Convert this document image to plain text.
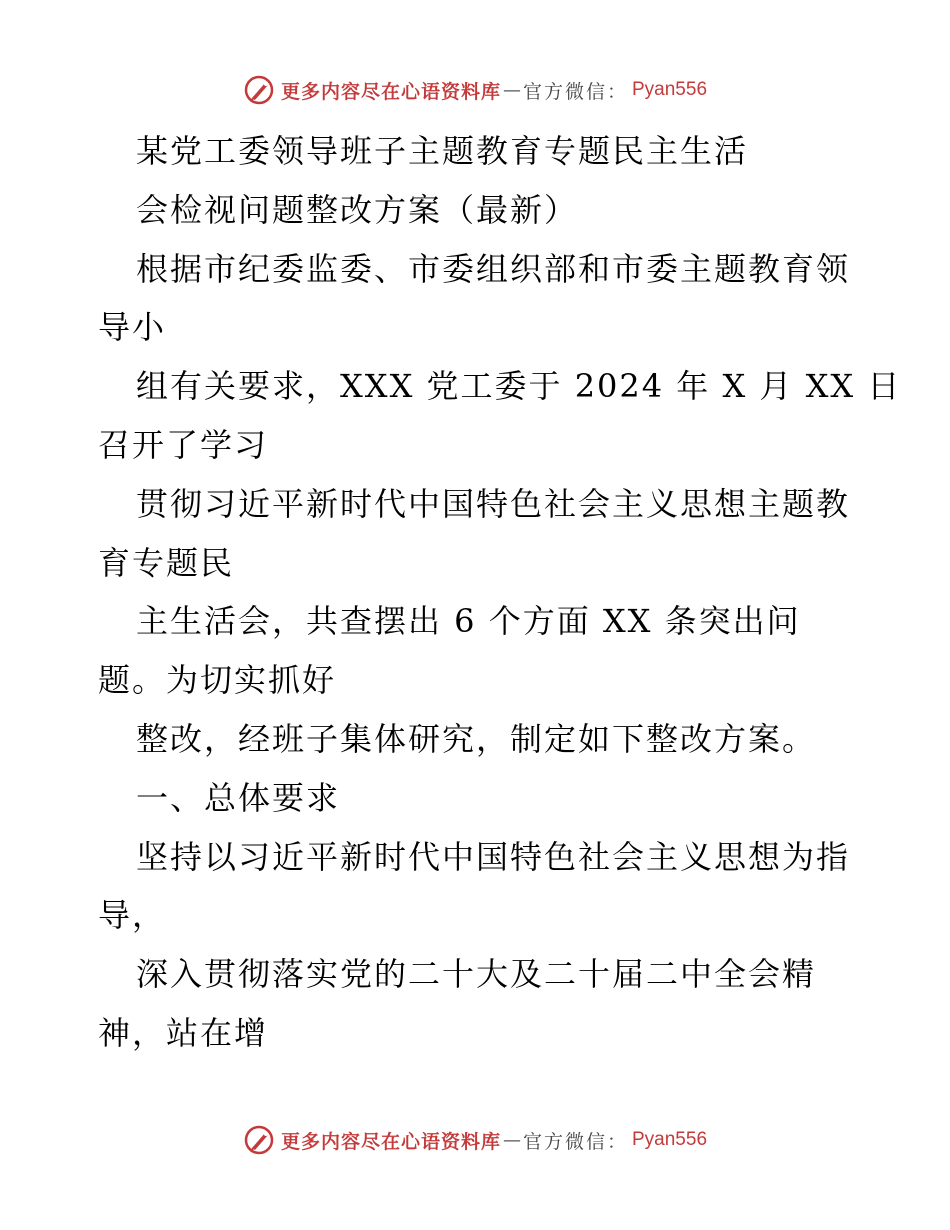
更多内容尽在心语资料库 — 官方微信： Pyan556
某党工委领导班子主题教育专题民主生活
会检视问题整改方案（最新）
根据市纪委监委、市委组织部和市委主题教育领
导小
组有关要求，XXX 党工委于 2024 年 X 月 XX 日
召开了学习
贯彻习近平新时代中国特色社会主义思想主题教
育专题民
主生活会，共查摆出 6 个方面 XX 条突出问
题。为切实抓好
整改，经班子集体研究，制定如下整改方案。
一、总体要求
坚持以习近平新时代中国特色社会主义思想为指
导，
深入贯彻落实党的二十大及二十届二中全会精
神，站在增
更多内容尽在心语资料库 — 官方微信： Pyan556
